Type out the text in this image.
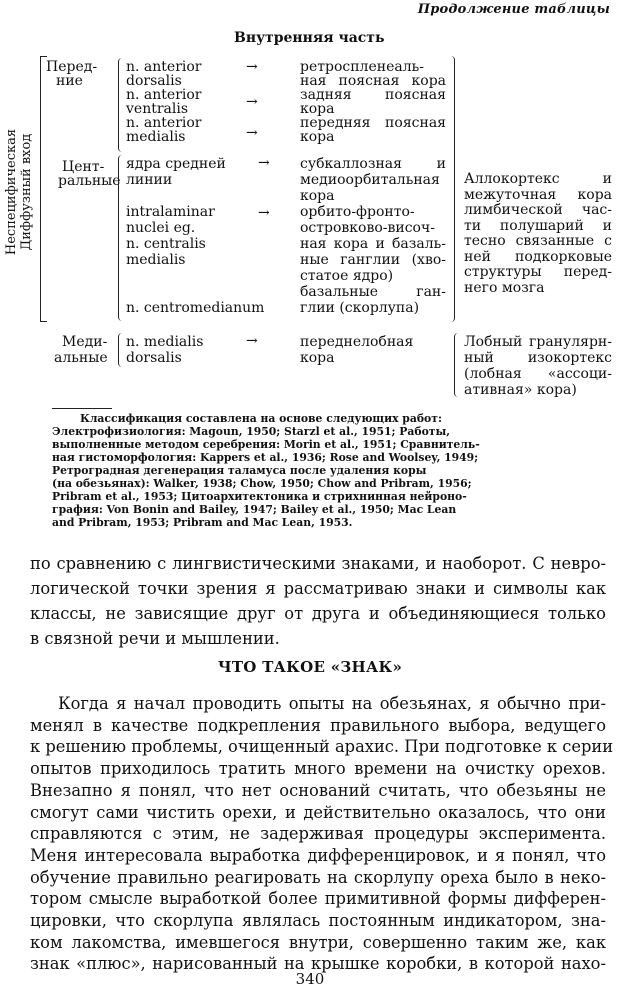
Продолжение таблицы
Внутренняя часть
Неспецифическая Диффузный вход
Перед-
ние
n. anterior
dorsalis
n. anterior
ventralis
n. anterior
medialis
→
→
→
ретроспленеаль-
ная поясная кора
задняя поясная
кора
передняя поясная
кора
Цент-
ральные
ядра средней
линии
intralaminar
nuclei eg.
n. centralis
medialis
n. centromedianum
→
→
субкаллозная и
медиоорбитальная
кора
орбито-фронто-
островково-височ-
ная кора и базаль-
ные ганглии (хво-
статое ядро)
базальные ган-
глии (скорлупа)
Аллокортекс и
межуточная кора
лимбической час-
ти полушарий и
тесно связанные с
ней подкорковые
структуры перед-
него мозга
Меди-
альные
n. medialis
dorsalis
→	переднелобная
кора
Лобный гранулярн-
ный изокортекс
(лобная «ассоци-
ативная» кора)
Классификация составлена на основе следующих работ:
Электрофизиология: Magoun, 1950; Starzl et al., 1951; Работы,
выполненные методом серебрения: Morin et al., 1951; Сравнитель-
ная гистоморфология: Kappers et al., 1936; Rose and Woolsey, 1949;
Ретроградная дегенерация таламуса после удаления коры
(на обезьянах): Walker, 1938; Chow, 1950; Chow and Pribram, 1956;
Pribram et al., 1953; Цитоархитектоника и стрихнинная нейроно-
графия: Von Bonin and Bailey, 1947; Bailey et al., 1950; Mac Lean
and Pribram, 1953; Pribram and Mac Lean, 1953.
по сравнению с лингвистическими знаками, и наоборот. С невро-
логической точки зрения я рассматриваю знаки и символы как
классы, не зависящие друг от друга и объединяющиеся только
в связной речи и мышлении.
ЧТО ТАКОЕ «ЗНАК»
Когда я начал проводить опыты на обезьянах, я обычно при-
менял в качестве подкрепления правильного выбора, ведущего
к решению проблемы, очищенный арахис. При подготовке к серии
опытов приходилось тратить много времени на очистку орехов.
Внезапно я понял, что нет оснований считать, что обезьяны не
смогут сами чистить орехи, и действительно оказалось, что они
справляются с этим, не задерживая процедуры эксперимента.
Меня интересовала выработка дифференцировок, и я понял, что
обучение правильно реагировать на скорлупу ореха было в неко-
тором смысле выработкой более примитивной формы дифферен-
цировки, что скорлупа являлась постоянным индикатором, зна-
ком лакомства, имевшегося внутри, совершенно таким же, как
знак «плюс», нарисованный на крышке коробки, в которой нахо-
340
